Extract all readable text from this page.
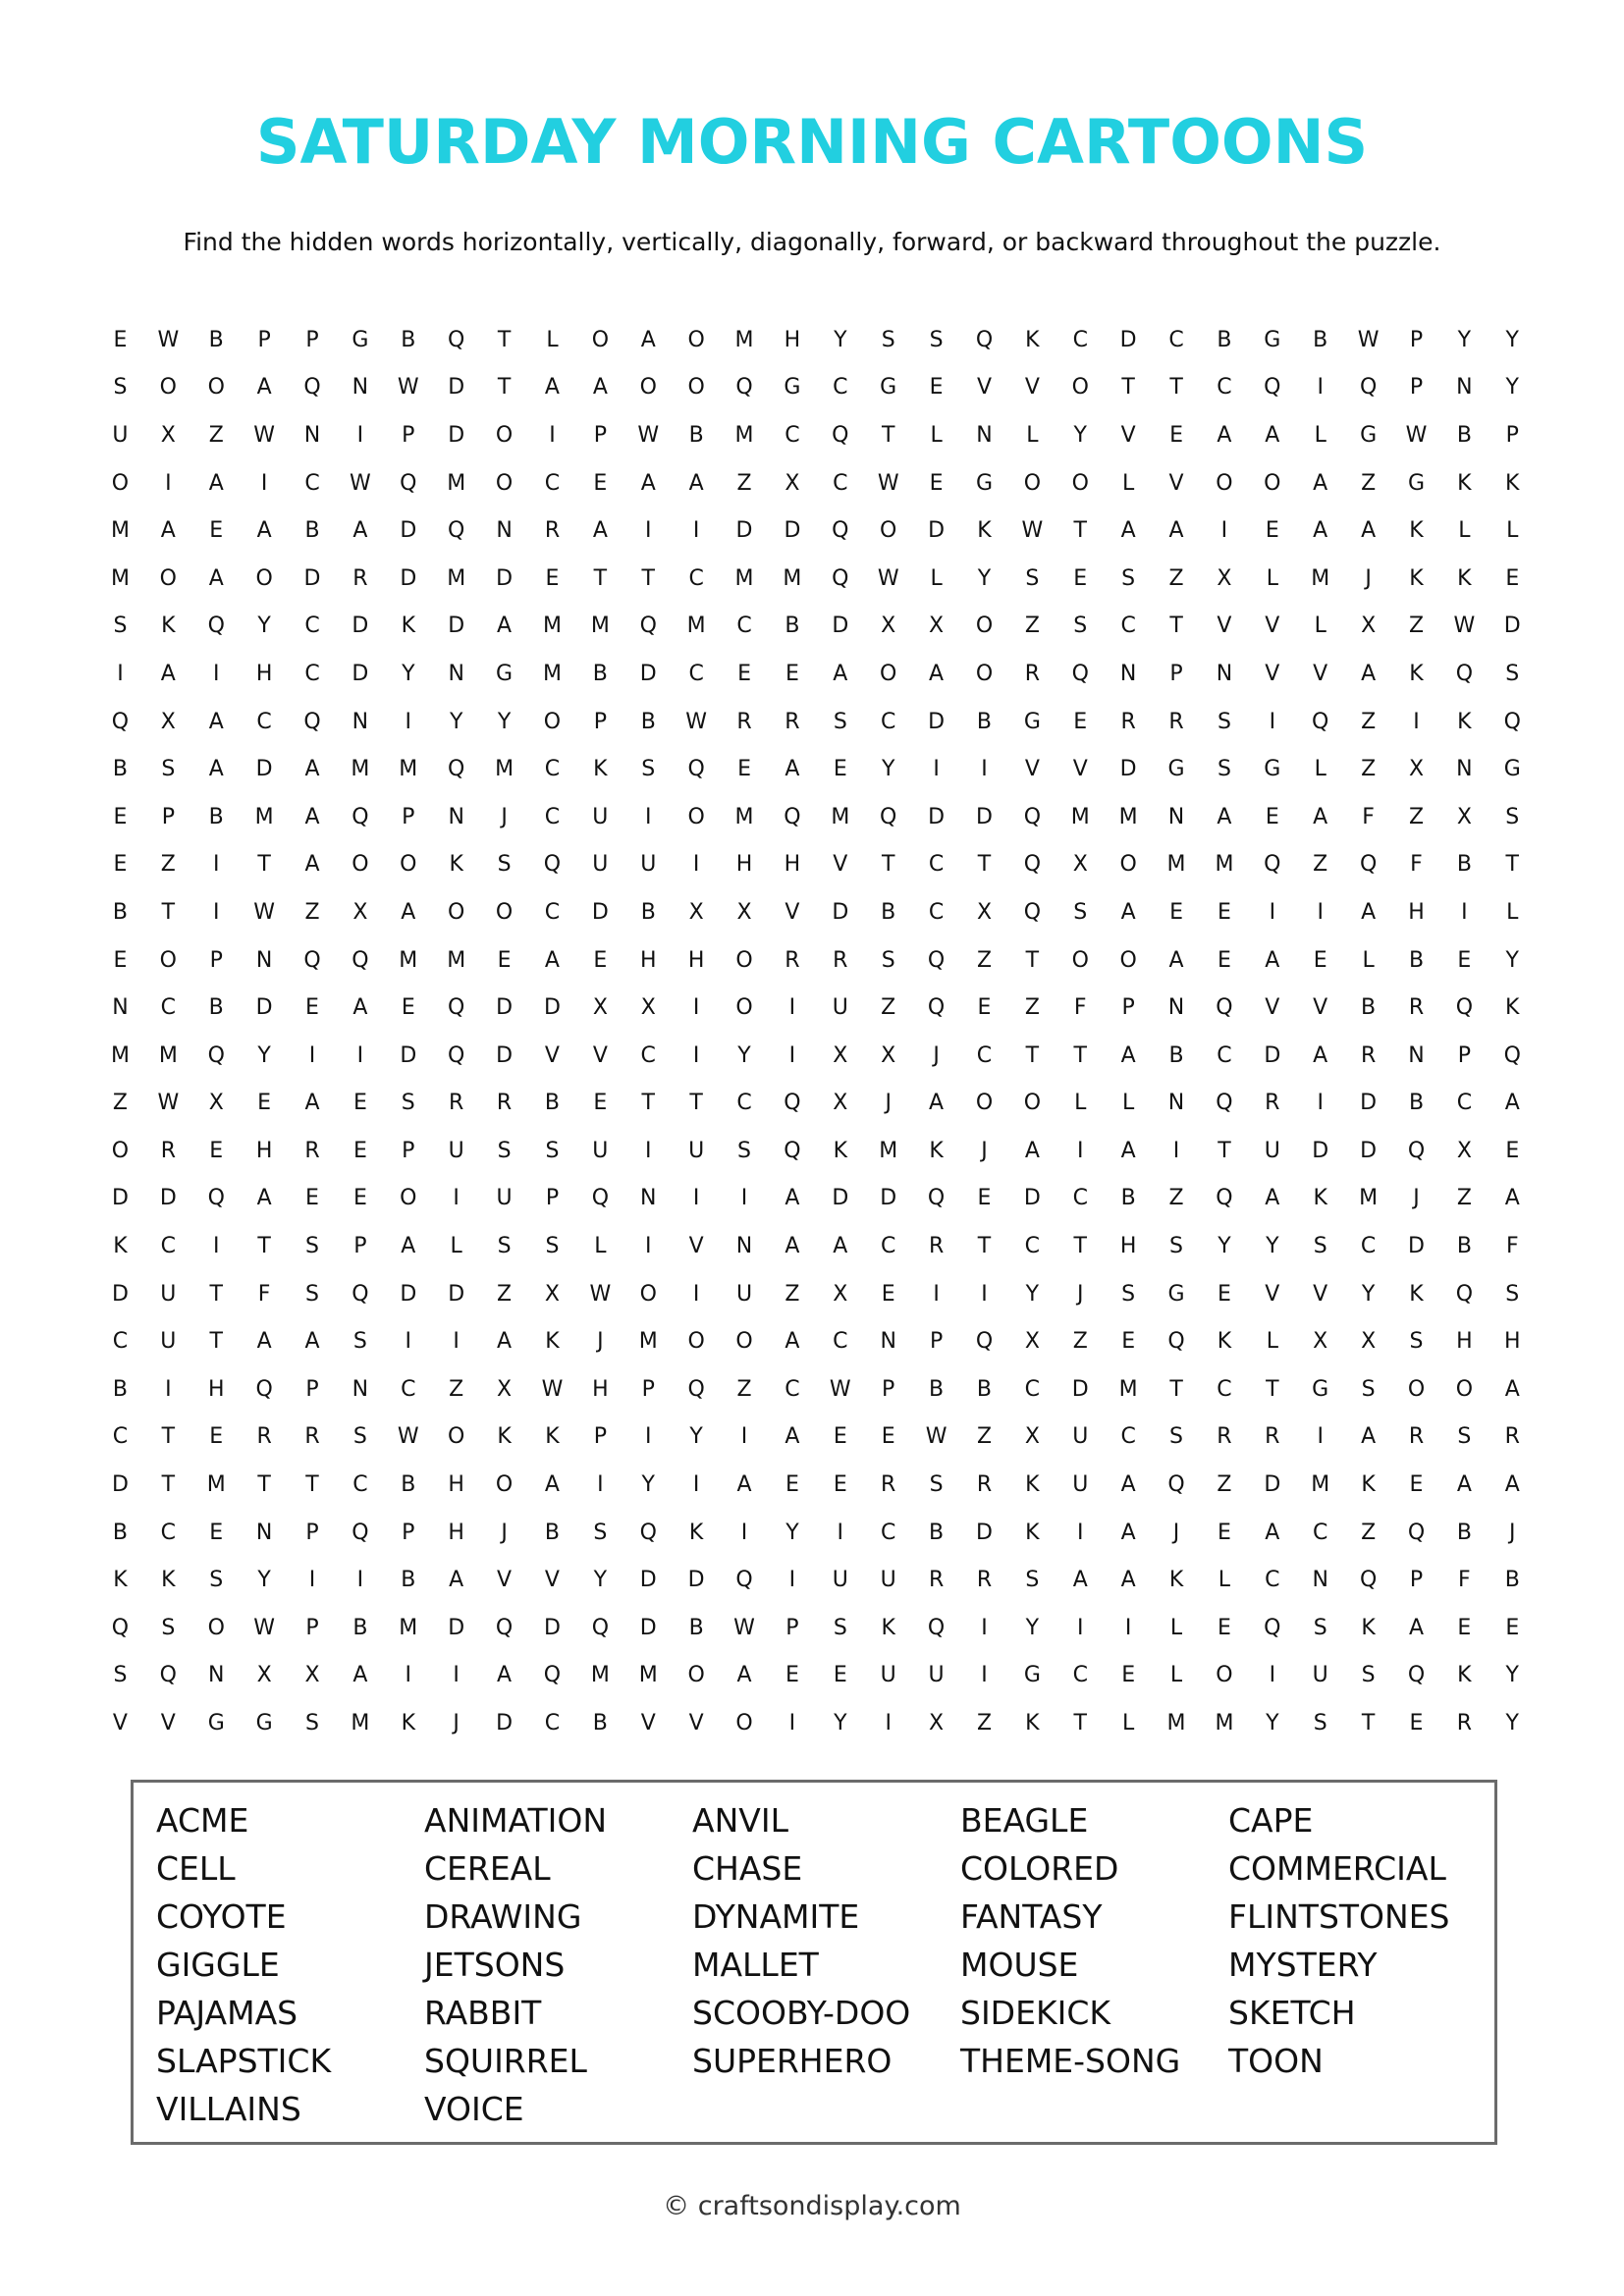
SATURDAY MORNING CARTOONS
Find the hidden words horizontally, vertically, diagonally, forward, or backward throughout the puzzle.
E	W	B	P	P	G	B	Q	T	L	O	A	O	M	H	Y	S	S	Q	K	C	D	C	B	G	B	W	P	Y	Y
S	O	O	A	Q	N	W	D	T	A	A	O	O	Q	G	C	G	E	V	V	O	T	T	C	Q	I	Q	P	N	Y
U	X	Z	W	N	I	P	D	O	I	P	W	B	M	C	Q	T	L	N	L	Y	V	E	A	A	L	G	W	B	P
O	I	A	I	C	W	Q	M	O	C	E	A	A	Z	X	C	W	E	G	O	O	L	V	O	O	A	Z	G	K	K
M	A	E	A	B	A	D	Q	N	R	A	I	I	D	D	Q	O	D	K	W	T	A	A	I	E	A	A	K	L	L
M	O	A	O	D	R	D	M	D	E	T	T	C	M	M	Q	W	L	Y	S	E	S	Z	X	L	M	J	K	K	E
S	K	Q	Y	C	D	K	D	A	M	M	Q	M	C	B	D	X	X	O	Z	S	C	T	V	V	L	X	Z	W	D
I	A	I	H	C	D	Y	N	G	M	B	D	C	E	E	A	O	A	O	R	Q	N	P	N	V	V	A	K	Q	S
Q	X	A	C	Q	N	I	Y	Y	O	P	B	W	R	R	S	C	D	B	G	E	R	R	S	I	Q	Z	I	K	Q
B	S	A	D	A	M	M	Q	M	C	K	S	Q	E	A	E	Y	I	I	V	V	D	G	S	G	L	Z	X	N	G
E	P	B	M	A	Q	P	N	J	C	U	I	O	M	Q	M	Q	D	D	Q	M	M	N	A	E	A	F	Z	X	S
E	Z	I	T	A	O	O	K	S	Q	U	U	I	H	H	V	T	C	T	Q	X	O	M	M	Q	Z	Q	F	B	T
B	T	I	W	Z	X	A	O	O	C	D	B	X	X	V	D	B	C	X	Q	S	A	E	E	I	I	A	H	I	L
E	O	P	N	Q	Q	M	M	E	A	E	H	H	O	R	R	S	Q	Z	T	O	O	A	E	A	E	L	B	E	Y
N	C	B	D	E	A	E	Q	D	D	X	X	I	O	I	U	Z	Q	E	Z	F	P	N	Q	V	V	B	R	Q	K
M	M	Q	Y	I	I	D	Q	D	V	V	C	I	Y	I	X	X	J	C	T	T	A	B	C	D	A	R	N	P	Q
Z	W	X	E	A	E	S	R	R	B	E	T	T	C	Q	X	J	A	O	O	L	L	N	Q	R	I	D	B	C	A
O	R	E	H	R	E	P	U	S	S	U	I	U	S	Q	K	M	K	J	A	I	A	I	T	U	D	D	Q	X	E
D	D	Q	A	E	E	O	I	U	P	Q	N	I	I	A	D	D	Q	E	D	C	B	Z	Q	A	K	M	J	Z	A
K	C	I	T	S	P	A	L	S	S	L	I	V	N	A	A	C	R	T	C	T	H	S	Y	Y	S	C	D	B	F
D	U	T	F	S	Q	D	D	Z	X	W	O	I	U	Z	X	E	I	I	Y	J	S	G	E	V	V	Y	K	Q	S
C	U	T	A	A	S	I	I	A	K	J	M	O	O	A	C	N	P	Q	X	Z	E	Q	K	L	X	X	S	H	H
B	I	H	Q	P	N	C	Z	X	W	H	P	Q	Z	C	W	P	B	B	C	D	M	T	C	T	G	S	O	O	A
C	T	E	R	R	S	W	O	K	K	P	I	Y	I	A	E	E	W	Z	X	U	C	S	R	R	I	A	R	S	R
D	T	M	T	T	C	B	H	O	A	I	Y	I	A	E	E	R	S	R	K	U	A	Q	Z	D	M	K	E	A	A
B	C	E	N	P	Q	P	H	J	B	S	Q	K	I	Y	I	C	B	D	K	I	A	J	E	A	C	Z	Q	B	J
K	K	S	Y	I	I	B	A	V	V	Y	D	D	Q	I	U	U	R	R	S	A	A	K	L	C	N	Q	P	F	B
Q	S	O	W	P	B	M	D	Q	D	Q	D	B	W	P	S	K	Q	I	Y	I	I	L	E	Q	S	K	A	E	E
S	Q	N	X	X	A	I	I	A	Q	M	M	O	A	E	E	U	U	I	G	C	E	L	O	I	U	S	Q	K	Y
V	V	G	G	S	M	K	J	D	C	B	V	V	O	I	Y	I	X	Z	K	T	L	M	M	Y	S	T	E	R	Y
ACME	ANIMATION	ANVIL	BEAGLE	CAPE
CELL	CEREAL	CHASE	COLORED	COMMERCIAL
COYOTE	DRAWING	DYNAMITE	FANTASY	FLINTSTONES
GIGGLE	JETSONS	MALLET	MOUSE	MYSTERY
PAJAMAS	RABBIT	SCOOBY-DOO	SIDEKICK	SKETCH
SLAPSTICK	SQUIRREL	SUPERHERO	THEME-SONG	TOON
VILLAINS	VOICE
© craftsondisplay.com
